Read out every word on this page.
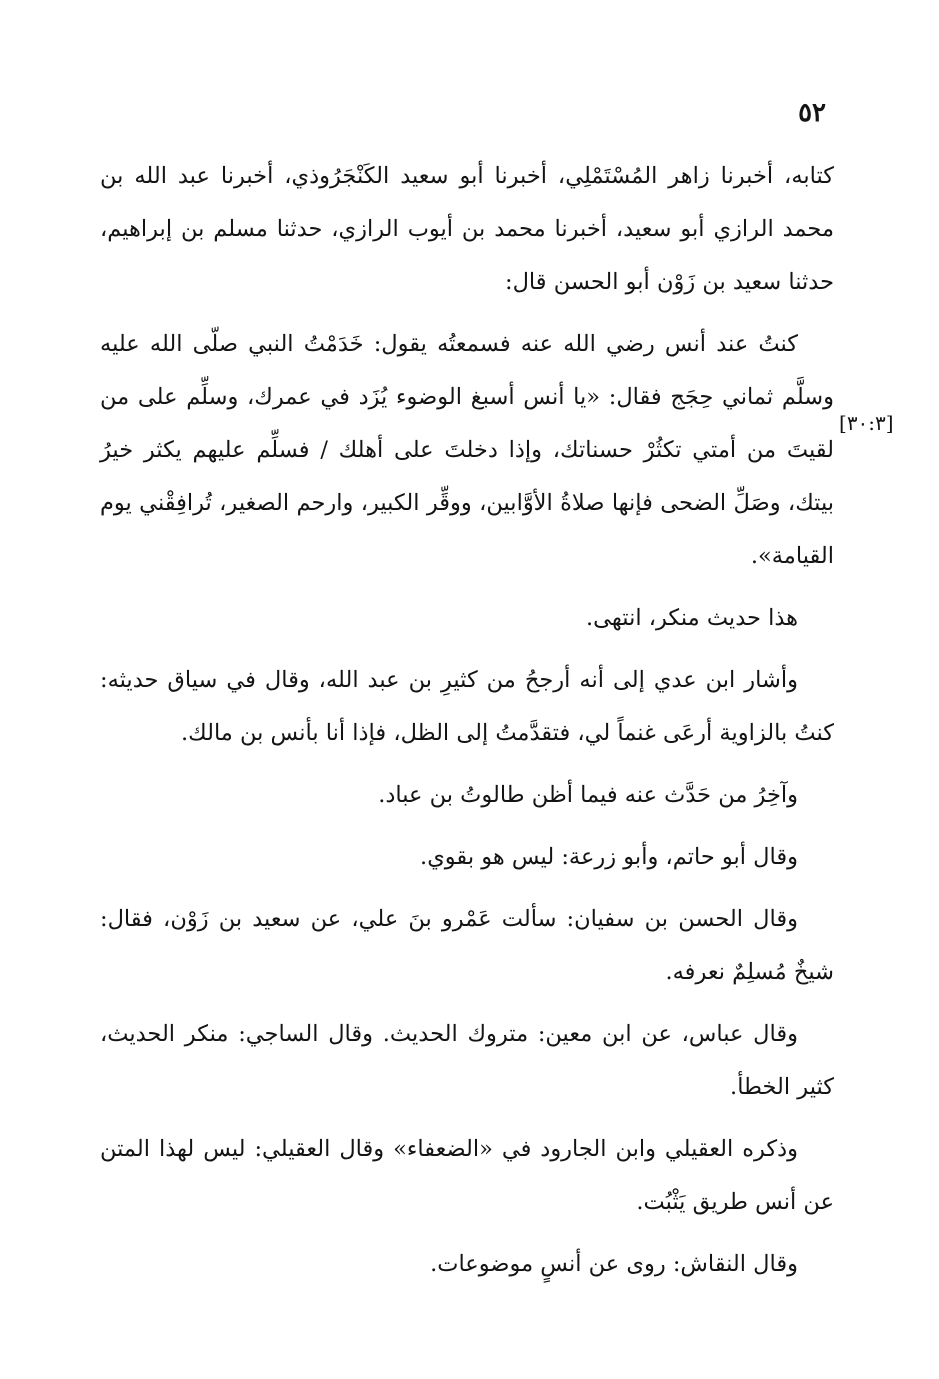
٥٢
[٣٠:٣]

كتابه، أخبرنا زاهر المُسْتَمْلِي، أخبرنا أبو سعيد الكَنْجَرُوذي، أخبرنا عبد الله بن محمد الرازي أبو سعيد، أخبرنا محمد بن أيوب الرازي، حدثنا مسلم بن إبراهيم، حدثنا سعيد بن زَوْن أبو الحسن قال:

كنتُ عند أنس رضي الله عنه فسمعتُه يقول: خَدَمْتُ النبي صلّى الله عليه وسلَّم ثماني حِجَج فقال: «يا أنس أسبغ الوضوء يُزَد في عمرك، وسلِّم على من لقيتَ من أمتي تكثُرْ حسناتك، وإذا دخلتَ على أهلك / فسلِّم عليهم يكثر خيرُ بيتك، وصَلِّ الضحى فإنها صلاةُ الأوَّابين، ووقِّر الكبير، وارحم الصغير، تُرافِقْني يوم القيامة».

هذا حديث منكر، انتهى.

وأشار ابن عدي إلى أنه أرجحُ من كثيرِ بن عبد الله، وقال في سياق حديثه: كنتُ بالزاوية أرعَى غنماً لي، فتقدَّمتُ إلى الظل، فإذا أنا بأنس بن مالك.

وآخِرُ من حَدَّث عنه فيما أظن طالوتُ بن عباد.

وقال أبو حاتم، وأبو زرعة: ليس هو بقوي.

وقال الحسن بن سفيان: سألت عَمْرو بنَ علي، عن سعيد بن زَوْن، فقال: شيخٌ مُسلِمٌ نعرفه.

وقال عباس، عن ابن معين: متروك الحديث. وقال الساجي: منكر الحديث، كثير الخطأ.

وذكره العقيلي وابن الجارود في «الضعفاء» وقال العقيلي: ليس لهذا المتن عن أنس طريق يَثْبُت.

وقال النقاش: روى عن أنسٍ موضوعات.
